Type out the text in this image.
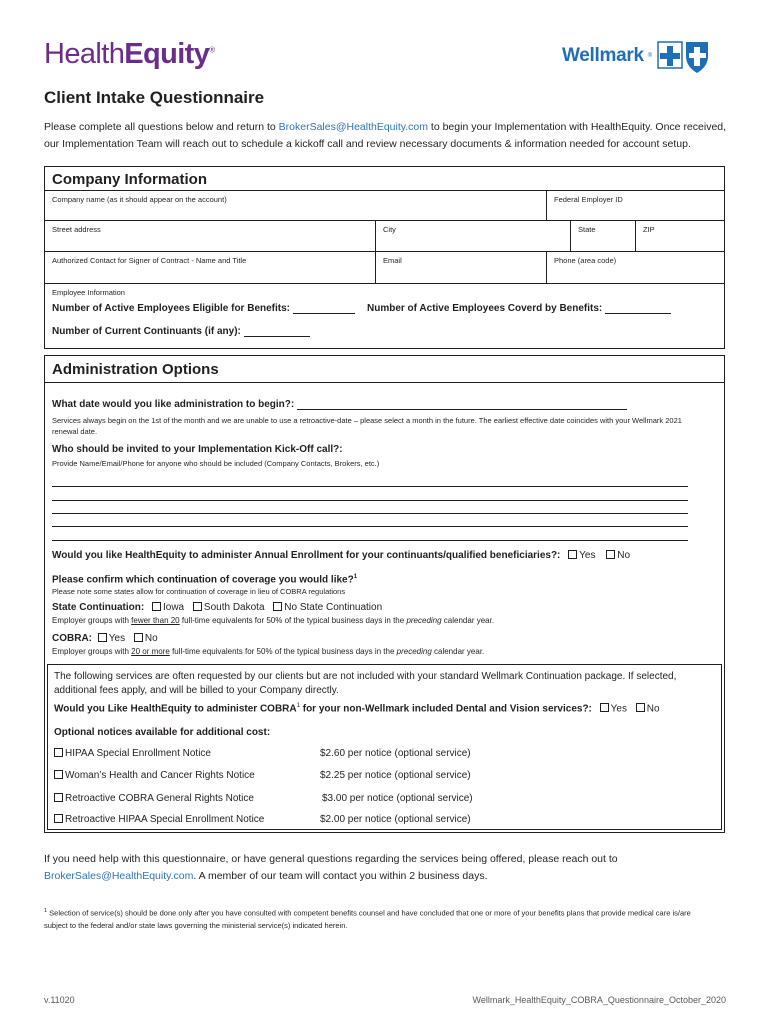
HealthEquity®	Wellmark ®
Client Intake Questionnaire
Please complete all questions below and return to BrokerSales@HealthEquity.com to begin your Implementation with HealthEquity. Once received, our Implementation Team will reach out to schedule a kickoff call and review necessary documents & information needed for account setup.
Company Information
Company name (as it should appear on the account)	Federal Employer ID
Street address	City	State	ZIP
Authorized Contact for Signer of Contract - Name and Title	Email	Phone (area code)
Employee Information
Number of Active Employees Eligible for Benefits:	Number of Active Employees Coverd by Benefits:
Number of Current Continuants (if any):
Administration Options
What date would you like administration to begin?:
Services always begin on the 1st of the month and we are unable to use a retroactive-date – please select a month in the future. The earliest effective date coincides with your Wellmark 2021 renewal date.
Who should be invited to your Implementation Kick-Off call?:
Provide Name/Email/Phone for anyone who should be included (Company Contacts, Brokers, etc.)
Would you like HealthEquity to administer Annual Enrollment for your continuants/qualified beneficiaries?: Yes No
Please confirm which continuation of coverage you would like?$^1$
Please note some states allow for continuation of coverage in lieu of COBRA regulations
State Continuation: Iowa South Dakota No State Continuation
Employer groups with fewer than 20 full-time equivalents for 50% of the typical business days in the preceding calendar year.
COBRA: Yes No
Employer groups with 20 or more full-time equivalents for 50% of the typical business days in the preceding calendar year.
The following services are often requested by our clients but are not included with your standard Wellmark Continuation package. If selected, additional fees apply, and will be billed to your Company directly.
Would you Like HealthEquity to administer COBRA$^1$ for your non-Wellmark included Dental and Vision services?: Yes No
Optional notices available for additional cost:
HIPAA Special Enrollment Notice	$2.60 per notice (optional service)
Woman’s Health and Cancer Rights Notice	$2.25 per notice (optional service)
Retroactive COBRA General Rights Notice	$3.00 per notice (optional service)
Retroactive HIPAA Special Enrollment Notice	$2.00 per notice (optional service)
If you need help with this questionnaire, or have general questions regarding the services being offered, please reach out to BrokerSales@HealthEquity.com. A member of our team will contact you within 2 business days.
$^1$ Selection of service(s) should be done only after you have consulted with competent benefits counsel and have concluded that one or more of your benefits plans that provide medical care is/are subject to the federal and/or state laws governing the ministerial service(s) indicated herein.
v.11020	Wellmark_HealthEquity_COBRA_Questionnaire_October_2020
